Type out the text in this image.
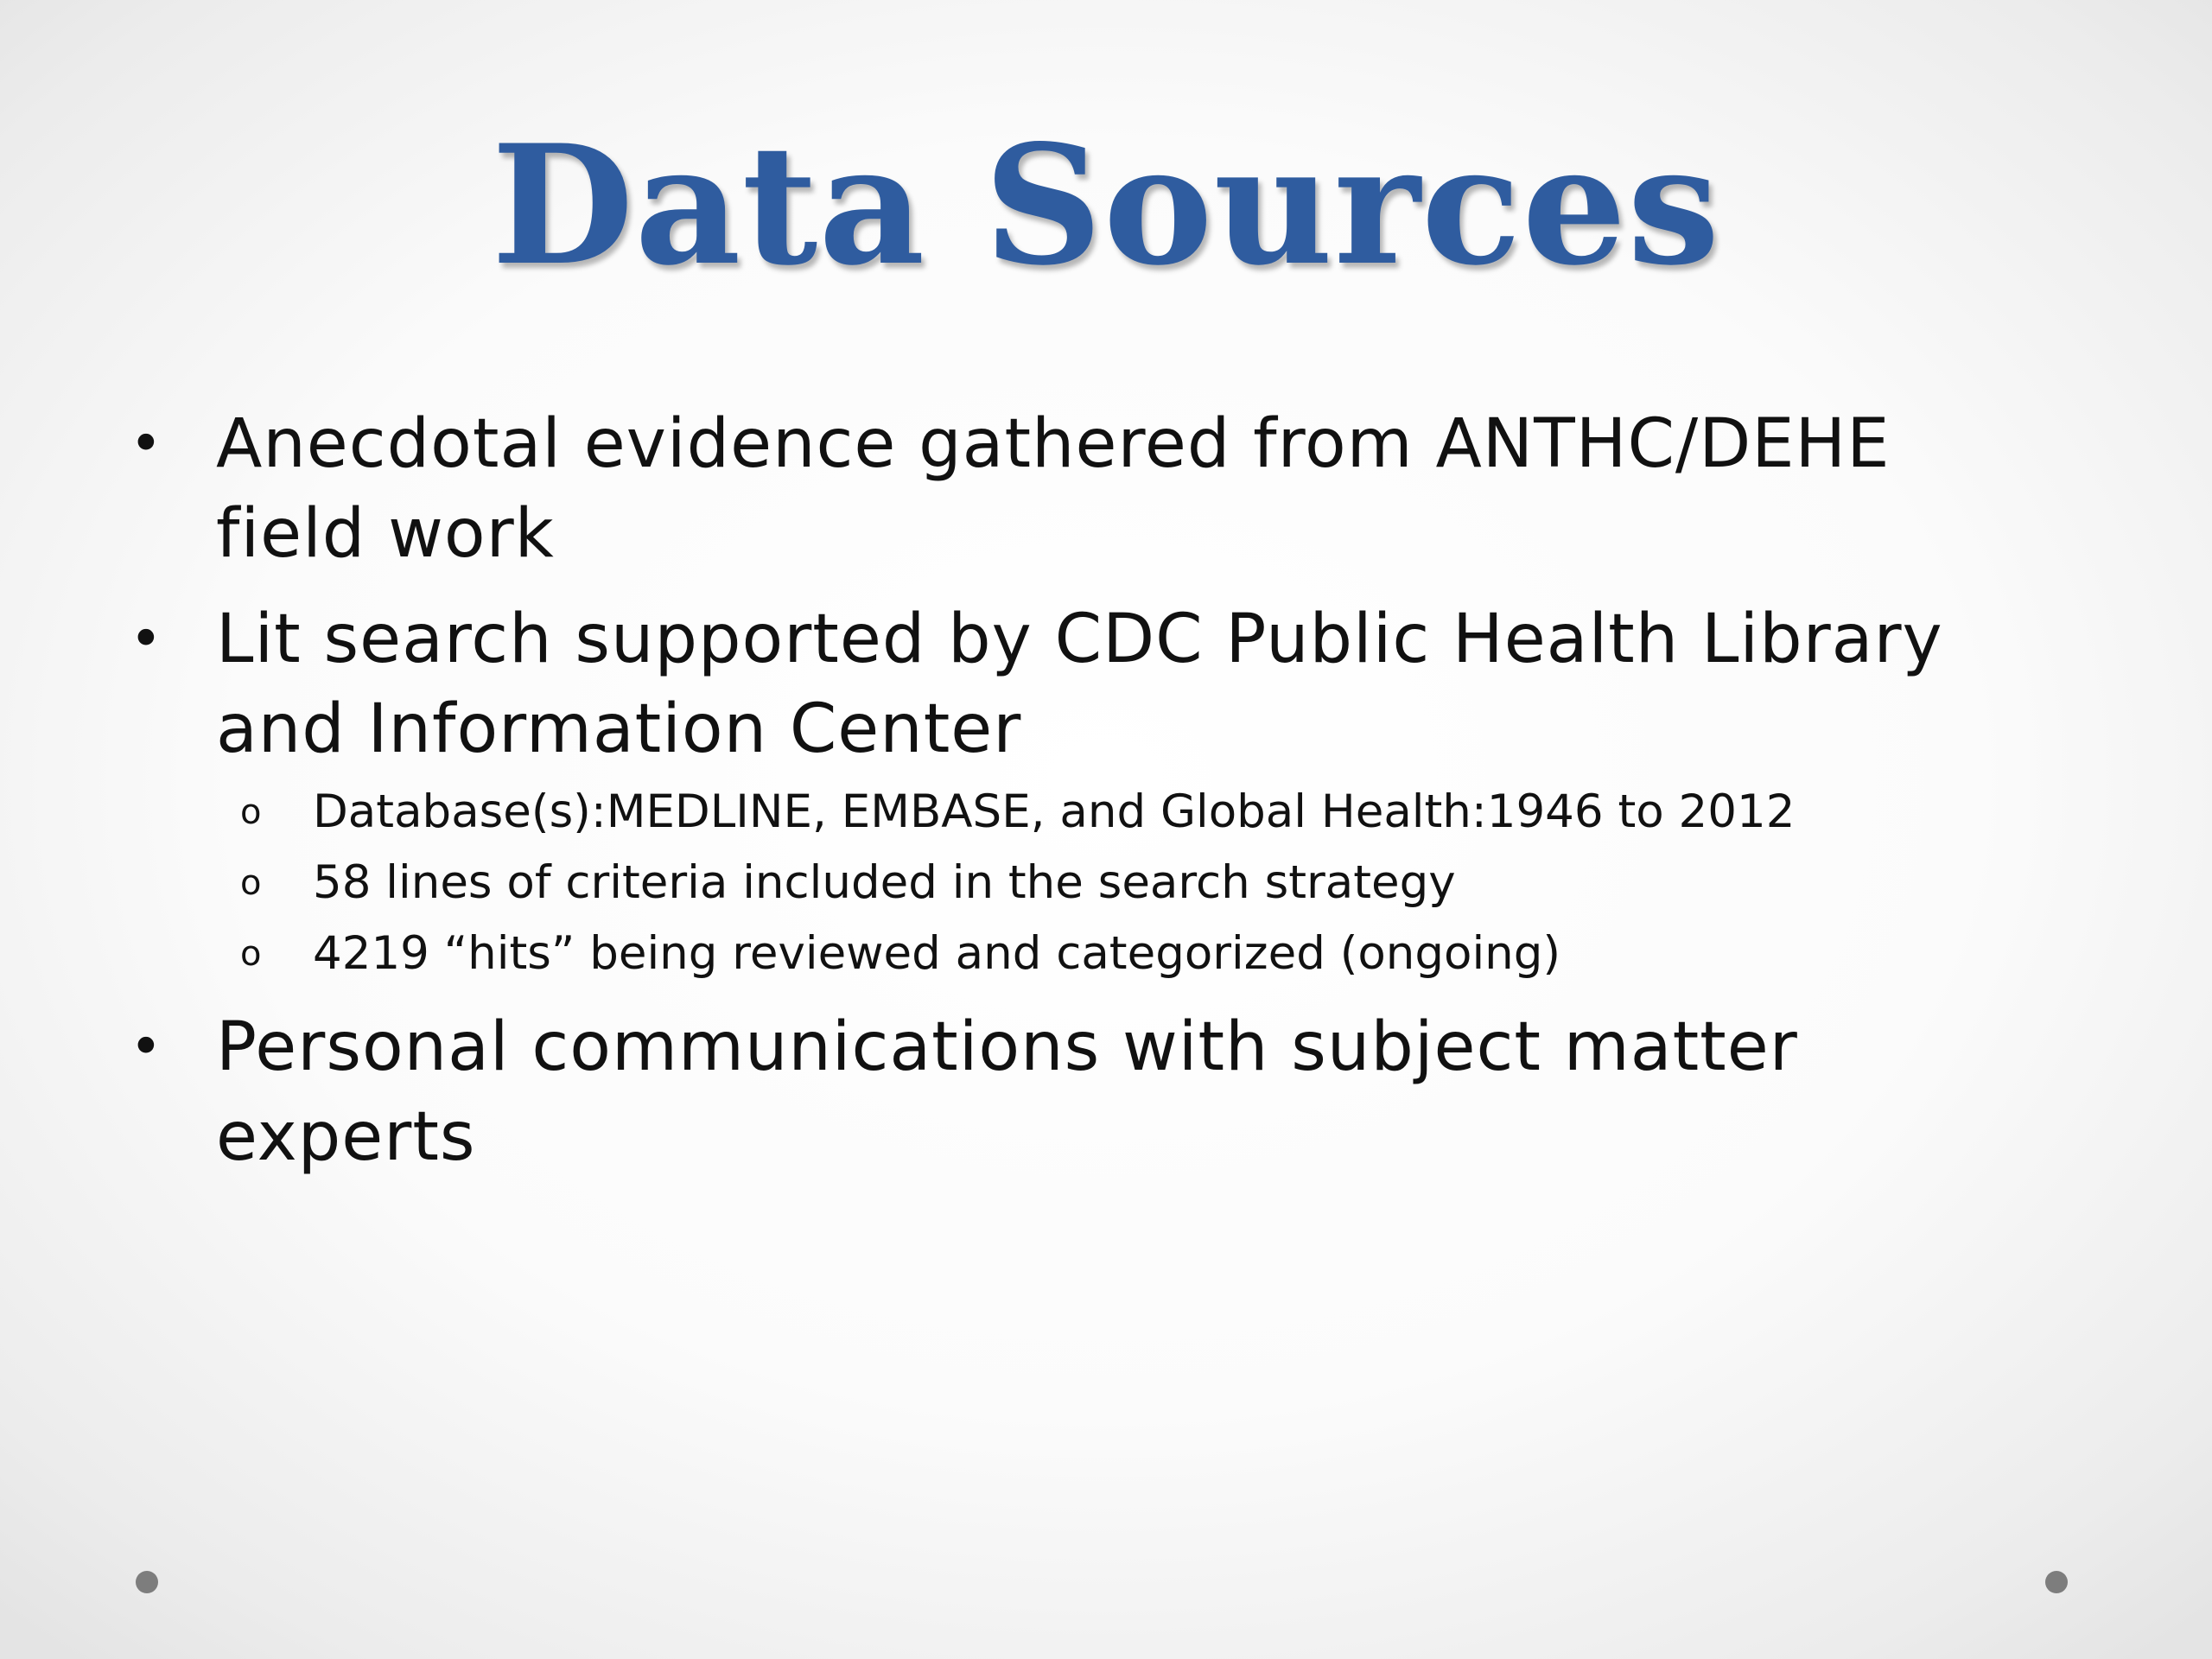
Data Sources
• Anecdotal evidence gathered from ANTHC/DEHE
field work
• Lit search supported by CDC Public Health Library
and Information Center
o Database(s):MEDLINE, EMBASE, and Global Health:1946 to 2012
o 58 lines of criteria included in the search strategy
o 4219 “hits” being reviewed and categorized (ongoing)
• Personal communications with subject matter
experts
